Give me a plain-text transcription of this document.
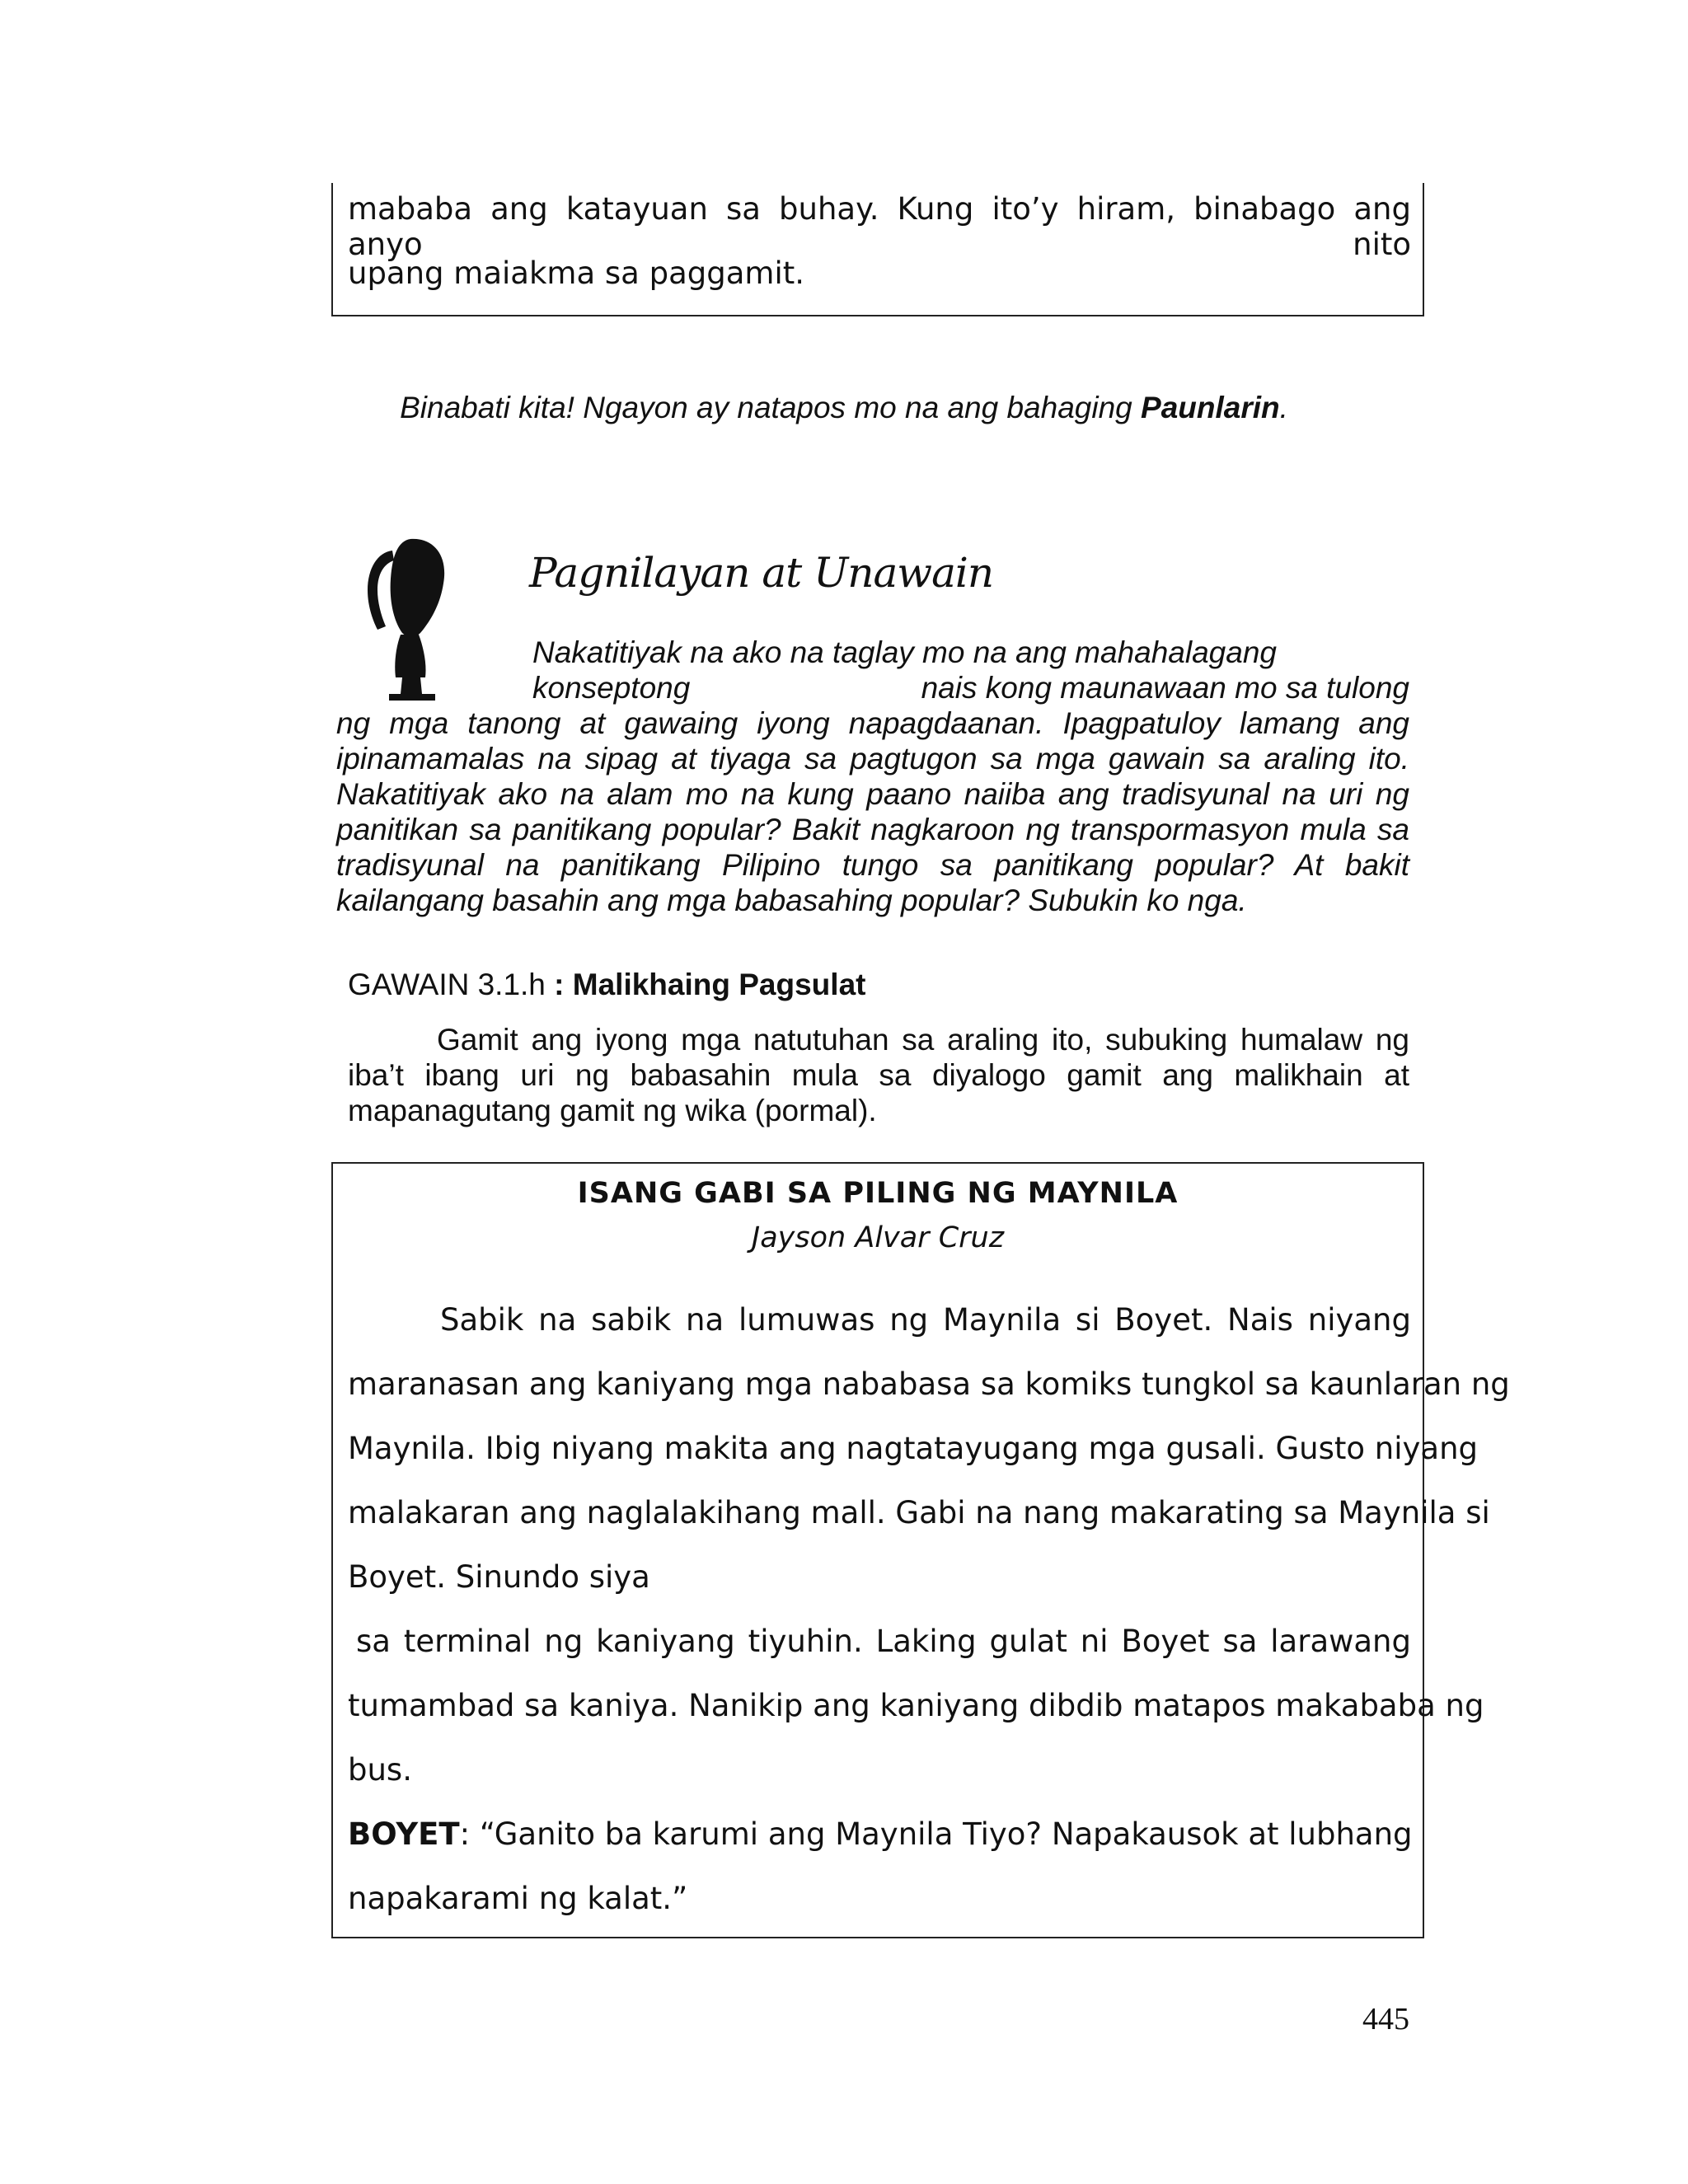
mababa ang katayuan sa buhay. Kung ito’y hiram, binabago ang anyo nito
upang maiakma sa paggamit.
Binabati kita! Ngayon ay natapos mo na ang bahaging Paunlarin.
Pagnilayan at Unawain
Nakatitiyak na ako na taglay mo na ang mahahalagang
konseptong	nais kong maunawaan mo sa tulong
ng mga tanong at gawaing iyong napagdaanan. Ipagpatuloy lamang ang
ipinamamalas na sipag at tiyaga sa pagtugon sa mga gawain sa araling ito.
Nakatitiyak ako na alam mo na kung paano naiiba ang tradisyunal na uri ng
panitikan sa panitikang popular? Bakit nagkaroon ng transpormasyon mula sa
tradisyunal na panitikang Pilipino tungo sa panitikang popular? At bakit
kailangang basahin ang mga babasahing popular? Subukin ko nga.
GAWAIN 3.1.h : Malikhaing Pagsulat
Gamit ang iyong mga natutuhan sa araling ito, subuking humalaw ng
iba’t ibang uri ng babasahin mula sa diyalogo gamit ang malikhain at
mapanagutang gamit ng wika (pormal).
ISANG GABI SA PILING NG MAYNILA
Jayson Alvar Cruz
Sabik na sabik na lumuwas ng Maynila si Boyet. Nais niyang
maranasan ang kaniyang mga nababasa sa komiks tungkol sa kaunlaran ng
Maynila. Ibig niyang makita ang nagtatayugang mga gusali. Gusto niyang
malakaran ang naglalakihang mall. Gabi na nang makarating sa Maynila si
Boyet. Sinundo siya
sa terminal ng kaniyang tiyuhin. Laking gulat ni Boyet sa larawang
tumambad sa kaniya. Nanikip ang kaniyang dibdib matapos makababa ng
bus.
BOYET: “Ganito ba karumi ang Maynila Tiyo? Napakausok at lubhang
napakarami ng kalat.”
445
